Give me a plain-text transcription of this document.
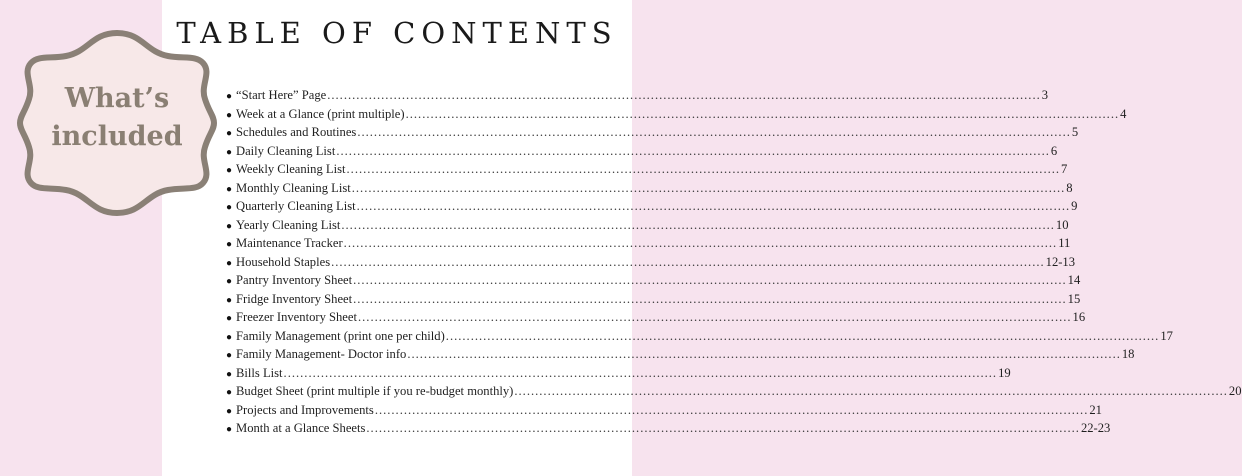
TABLE OF CONTENTS
● “Start Here” Page ............................................................................................................................................................................ 3
● Week at a Glance (print multiple) ............................................................................................................................................................................ 4
● Schedules and Routines ............................................................................................................................................................................ 5
● Daily Cleaning List ............................................................................................................................................................................ 6
● Weekly Cleaning List ............................................................................................................................................................................ 7
● Monthly Cleaning List ............................................................................................................................................................................ 8
● Quarterly Cleaning List ............................................................................................................................................................................ 9
● Yearly Cleaning List ............................................................................................................................................................................ 10
● Maintenance Tracker ............................................................................................................................................................................ 11
● Household Staples ............................................................................................................................................................................ 12-13
● Pantry Inventory Sheet ............................................................................................................................................................................ 14
● Fridge Inventory Sheet ............................................................................................................................................................................ 15
● Freezer Inventory Sheet ............................................................................................................................................................................ 16
● Family Management (print one per child) ............................................................................................................................................................................ 17
● Family Management- Doctor info ............................................................................................................................................................................ 18
● Bills List ............................................................................................................................................................................ 19
● Budget Sheet (print multiple if you re-budget monthly) ............................................................................................................................................................................ 20
● Projects and Improvements ............................................................................................................................................................................ 21
● Month at a Glance Sheets ............................................................................................................................................................................ 22-23
What’s
included
